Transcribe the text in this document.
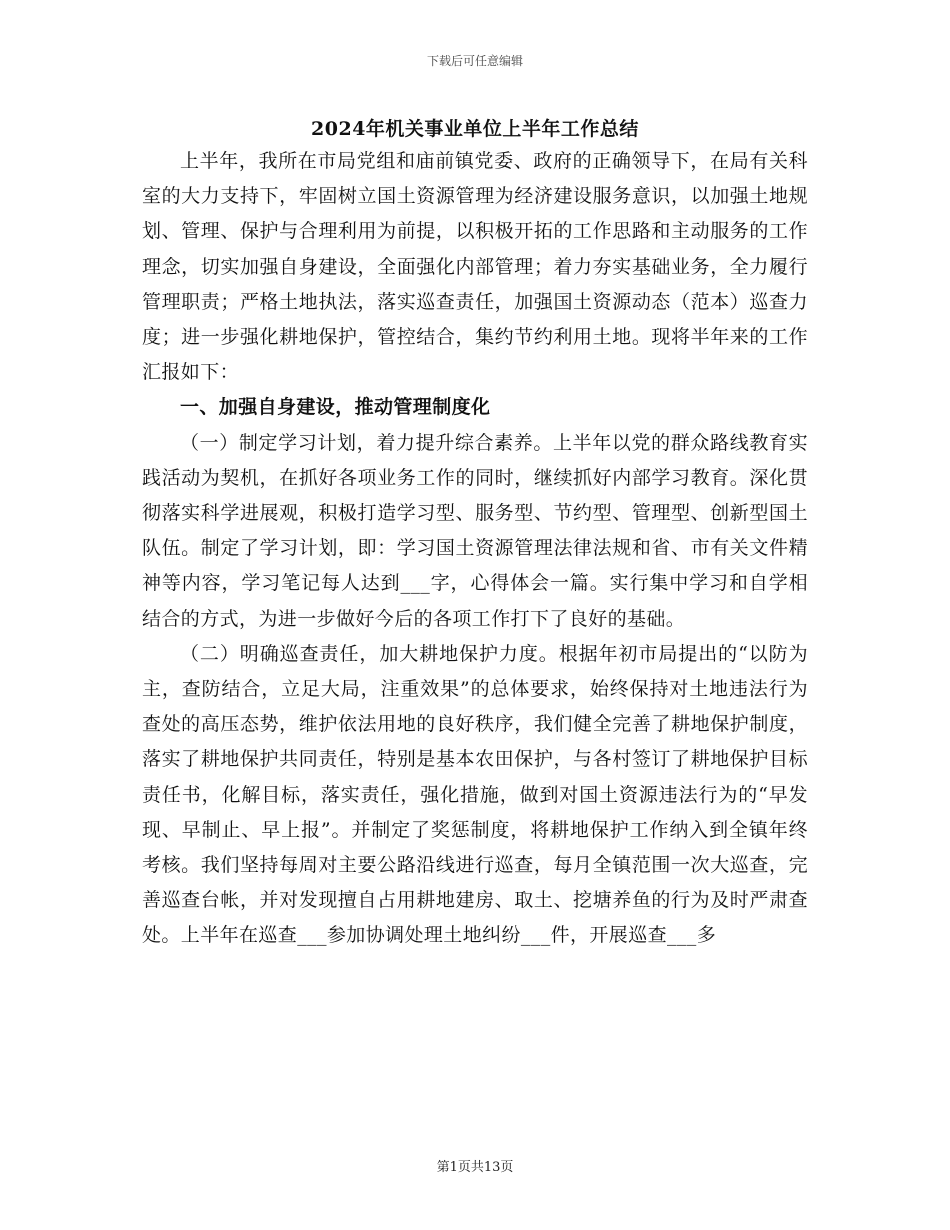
下载后可任意编辑
2024年机关事业单位上半年工作总结

上半年，我所在市局党组和庙前镇党委、政府的正确领导下，在局有关科室的大力支持下，牢固树立国土资源管理为经济建设服务意识，以加强土地规划、管理、保护与合理利用为前提，以积极开拓的工作思路和主动服务的工作理念，切实加强自身建设，全面强化内部管理；着力夯实基础业务，全力履行管理职责；严格土地执法，落实巡查责任，加强国土资源动态（范本）巡查力度；进一步强化耕地保护，管控结合，集约节约利用土地。现将半年来的工作汇报如下：

一、加强自身建设，推动管理制度化

（一）制定学习计划，着力提升综合素养。上半年以党的群众路线教育实践活动为契机，在抓好各项业务工作的同时，继续抓好内部学习教育。深化贯彻落实科学进展观，积极打造学习型、服务型、节约型、管理型、创新型国土队伍。制定了学习计划，即：学习国土资源管理法律法规和省、市有关文件精神等内容，学习笔记每人达到___字，心得体会一篇。实行集中学习和自学相结合的方式，为进一步做好今后的各项工作打下了良好的基础。

（二）明确巡查责任，加大耕地保护力度。根据年初市局提出的“以防为主，查防结合，立足大局，注重效果”的总体要求，始终保持对土地违法行为查处的高压态势，维护依法用地的良好秩序，我们健全完善了耕地保护制度，落实了耕地保护共同责任，特别是基本农田保护，与各村签订了耕地保护目标责任书，化解目标，落实责任，强化措施，做到对国土资源违法行为的“早发现、早制止、早上报”。并制定了奖惩制度，将耕地保护工作纳入到全镇年终考核。我们坚持每周对主要公路沿线进行巡查，每月全镇范围一次大巡查，完善巡查台帐，并对发现擅自占用耕地建房、取土、挖塘养鱼的行为及时严肃查处。上半年在巡查___参加协调处理土地纠纷___件，开展巡查___多

第1页共13页
